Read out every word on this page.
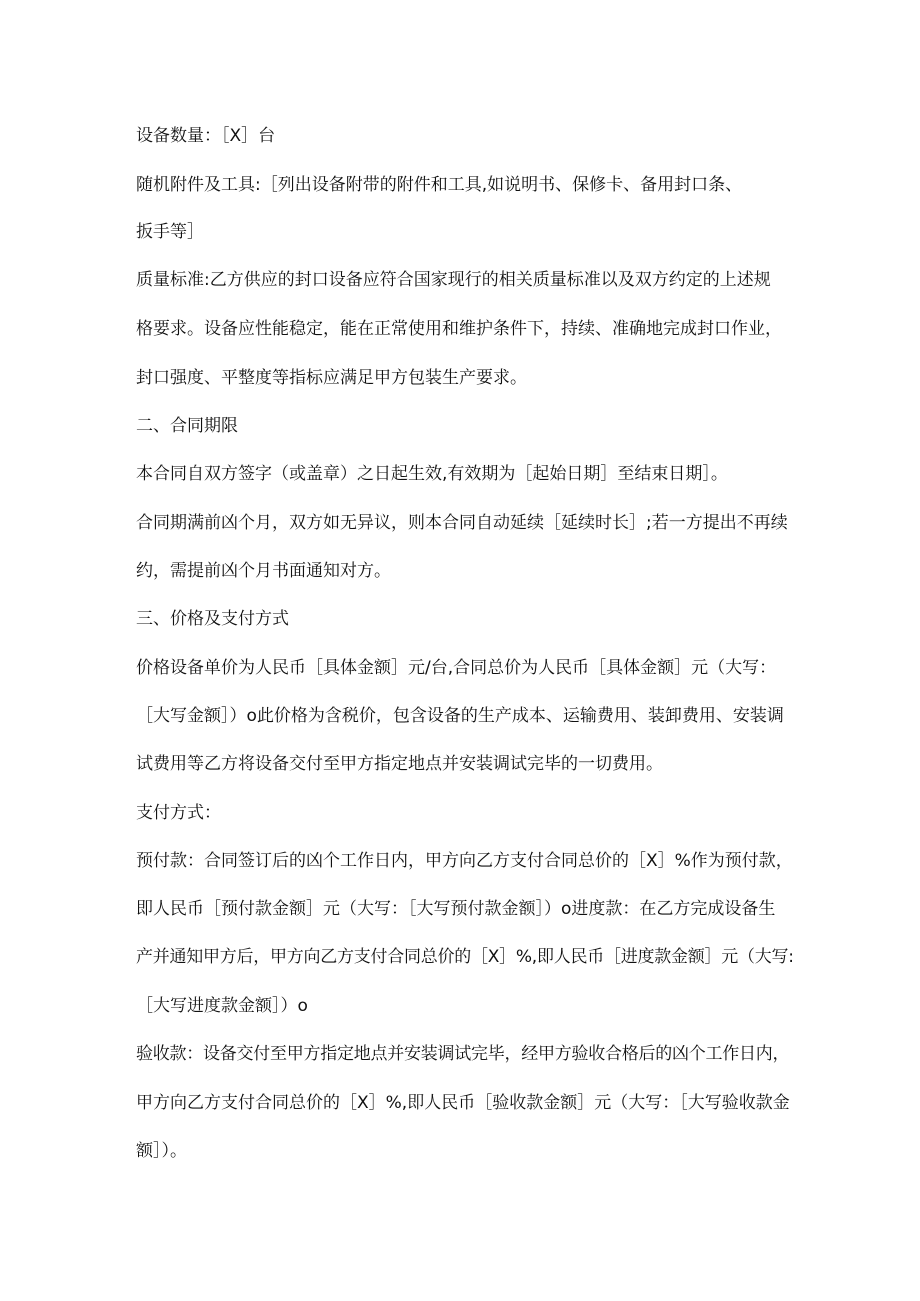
设备数量：［X］台
随机附件及工具:［列出设备附带的附件和工具,如说明书、保修卡、备用封口条、
扳手等］
质量标准:乙方供应的封口设备应符合国家现行的相关质量标准以及双方约定的上述规
格要求。设备应性能稳定，能在正常使用和维护条件下，持续、准确地完成封口作业，
封口强度、平整度等指标应满足甲方包装生产要求。
二、合同期限
本合同自双方签字（或盖章）之日起生效,有效期为［起始日期］至结束日期］。
合同期满前凶个月，双方如无异议，则本合同自动延续［延续时长］;若一方提出不再续
约，需提前凶个月书面通知对方。
三、价格及支付方式
价格设备单价为人民币［具体金额］元/台,合同总价为人民币［具体金额］元（大写：
［大写金额］）o此价格为含税价，包含设备的生产成本、运输费用、装卸费用、安装调
试费用等乙方将设备交付至甲方指定地点并安装调试完毕的一切费用。
支付方式：
预付款：合同签订后的凶个工作日内，甲方向乙方支付合同总价的［X］%作为预付款，
即人民币［预付款金额］元（大写：［大写预付款金额］）o进度款：在乙方完成设备生
产并通知甲方后，甲方向乙方支付合同总价的［X］%,即人民币［进度款金额］元（大写:
［大写进度款金额］）o
验收款：设备交付至甲方指定地点并安装调试完毕，经甲方验收合格后的凶个工作日内，
甲方向乙方支付合同总价的［X］%,即人民币［验收款金额］元（大写：［大写验收款金
额］）。
